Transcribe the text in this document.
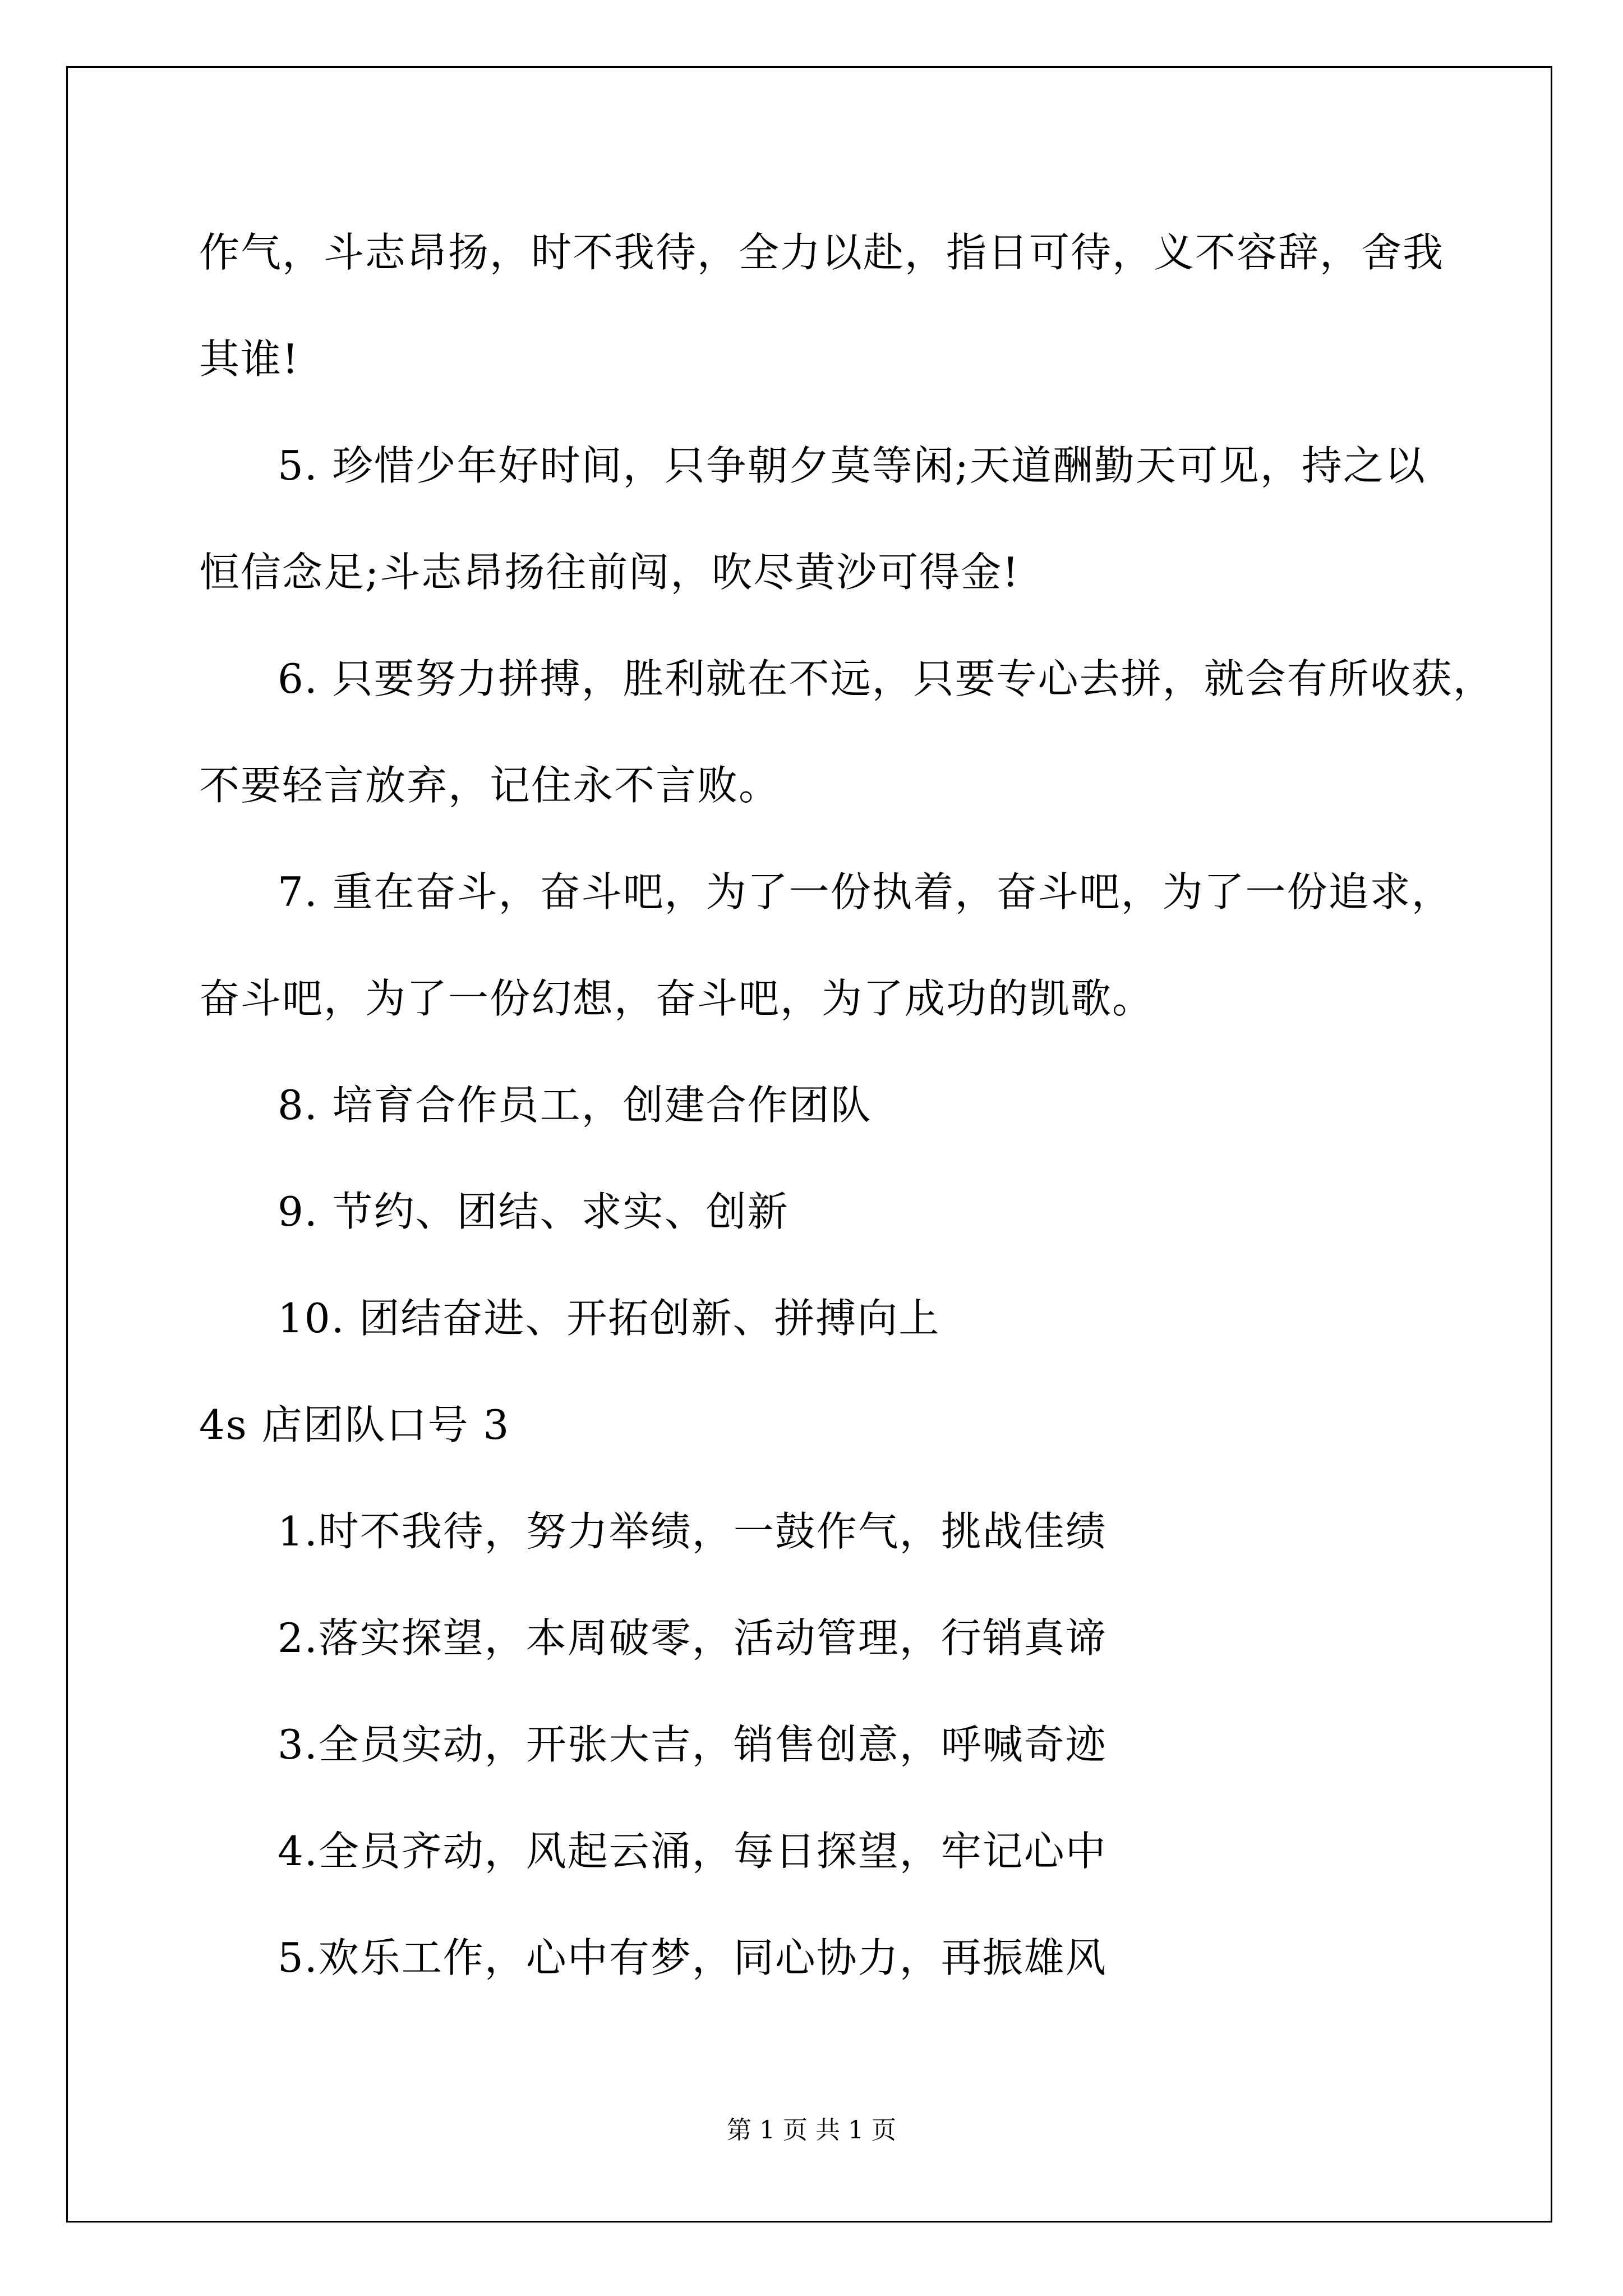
作气，斗志昂扬，时不我待，全力以赴，指日可待，义不容辞，舍我

其谁!

5. 珍惜少年好时间，只争朝夕莫等闲;天道酬勤天可见，持之以

恒信念足;斗志昂扬往前闯，吹尽黄沙可得金!

6. 只要努力拼搏，胜利就在不远，只要专心去拼，就会有所收获，

不要轻言放弃，记住永不言败。

7. 重在奋斗，奋斗吧，为了一份执着，奋斗吧，为了一份追求，

奋斗吧，为了一份幻想，奋斗吧，为了成功的凯歌。

8. 培育合作员工，创建合作团队

9. 节约、团结、求实、创新

10. 团结奋进、开拓创新、拼搏向上

4s 店团队口号 3

1.时不我待，努力举绩，一鼓作气，挑战佳绩

2.落实探望，本周破零，活动管理，行销真谛

3.全员实动，开张大吉，销售创意，呼喊奇迹

4.全员齐动，风起云涌，每日探望，牢记心中

5.欢乐工作，心中有梦，同心协力，再振雄风

第 1 页 共 1 页
